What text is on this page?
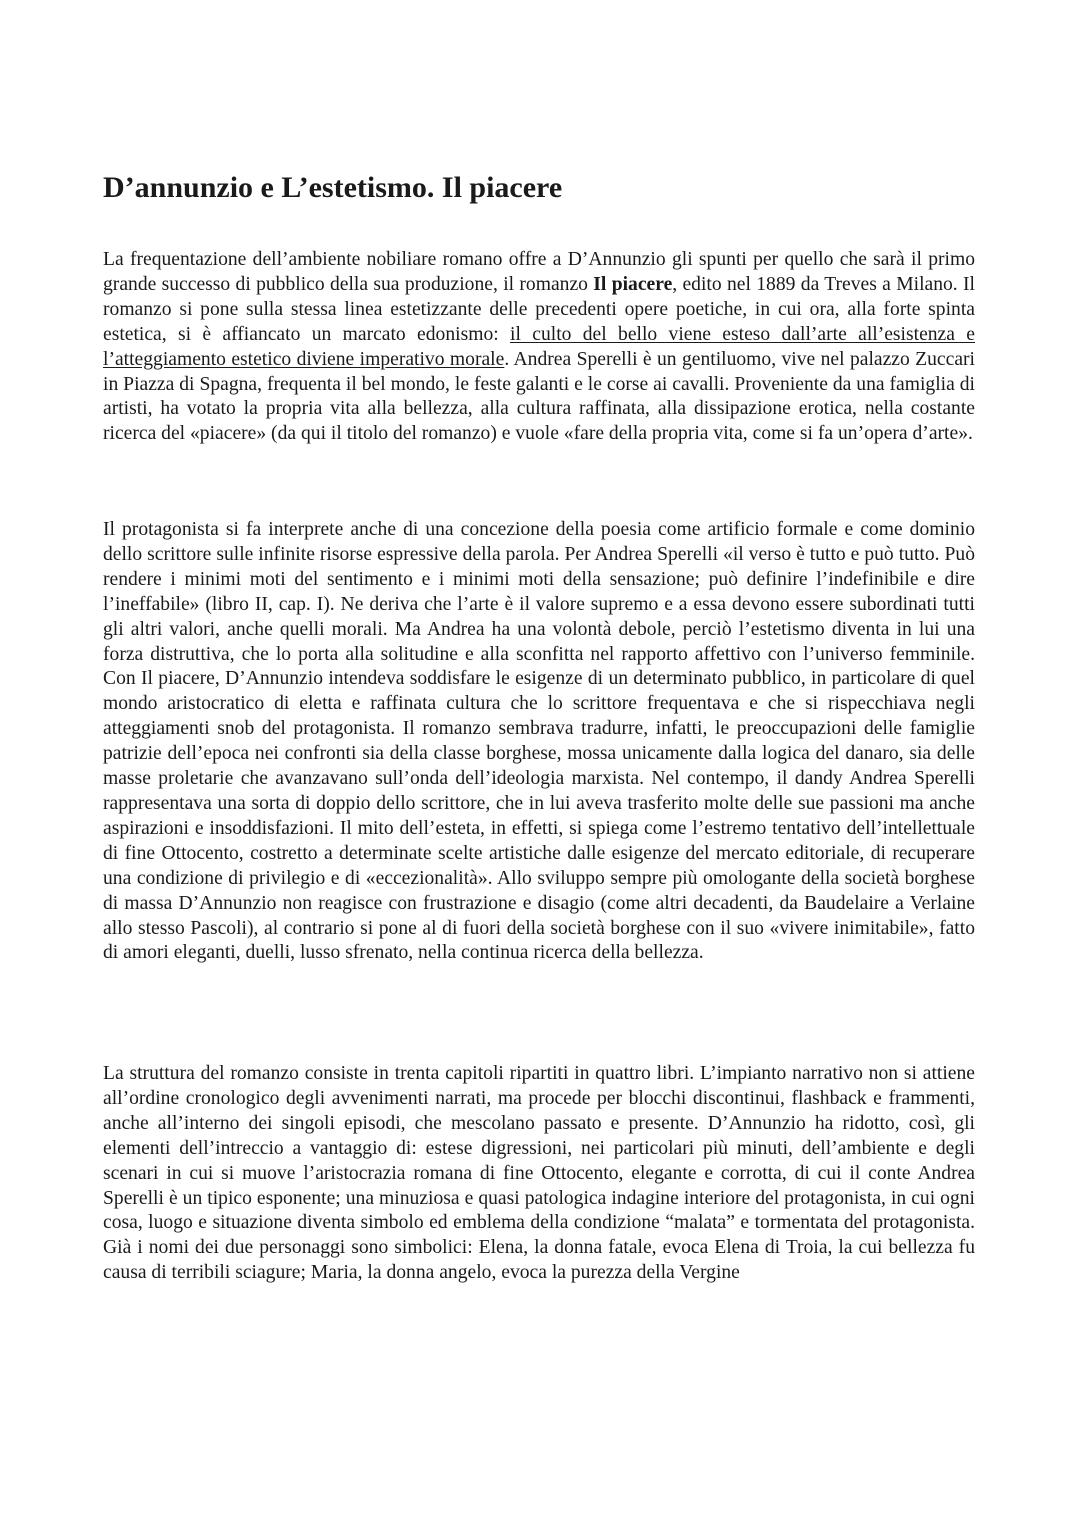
D’annunzio e L’estetismo. Il piacere

La frequentazione dell’ambiente nobiliare romano offre a D’Annunzio gli spunti per quello che sarà il primo grande successo di pubblico della sua produzione, il romanzo Il piacere, edito nel 1889 da Treves a Milano. Il romanzo si pone sulla stessa linea estetizzante delle precedenti opere poetiche, in cui ora, alla forte spinta estetica, si è affiancato un marcato edonismo: il culto del bello viene esteso dall’arte all’esistenza e l’atteggiamento estetico diviene imperativo morale. Andrea Sperelli è un gentiluomo, vive nel palazzo Zuccari in Piazza di Spagna, frequenta il bel mondo, le feste galanti e le corse ai cavalli. Proveniente da una famiglia di artisti, ha votato la propria vita alla bellezza, alla cultura raffinata, alla dissipazione erotica, nella costante ricerca del «piacere» (da qui il titolo del romanzo) e vuole «fare della propria vita, come si fa un’opera d’arte».

Il protagonista si fa interprete anche di una concezione della poesia come artificio formale e come dominio dello scrittore sulle infinite risorse espressive della parola. Per Andrea Sperelli «il verso è tutto e può tutto. Può rendere i minimi moti del sentimento e i minimi moti della sensazione; può definire l’indefinibile e dire l’ineffabile» (libro II, cap. I). Ne deriva che l’arte è il valore supremo e a essa devono essere subordinati tutti gli altri valori, anche quelli morali. Ma Andrea ha una volontà debole, perciò l’estetismo diventa in lui una forza distruttiva, che lo porta alla solitudine e alla sconfitta nel rapporto affettivo con l’universo femminile. Con Il piacere, D’Annunzio intendeva soddisfare le esigenze di un determinato pubblico, in particolare di quel mondo aristocratico di eletta e raffinata cultura che lo scrittore frequentava e che si rispecchiava negli atteggiamenti snob del protagonista. Il romanzo sembrava tradurre, infatti, le preoccupazioni delle famiglie patrizie dell’epoca nei confronti sia della classe borghese, mossa unicamente dalla logica del danaro, sia delle masse proletarie che avanzavano sull’onda dell’ideologia marxista. Nel contempo, il dandy Andrea Sperelli rappresentava una sorta di doppio dello scrittore, che in lui aveva trasferito molte delle sue passioni ma anche aspirazioni e insoddisfazioni. Il mito dell’esteta, in effetti, si spiega come l’estremo tentativo dell’intellettuale di fine Ottocento, costretto a determinate scelte artistiche dalle esigenze del mercato editoriale, di recuperare una condizione di privilegio e di «eccezionalità». Allo sviluppo sempre più omologante della società borghese di massa D’Annunzio non reagisce con frustrazione e disagio (come altri decadenti, da Baudelaire a Verlaine allo stesso Pascoli), al contrario si pone al di fuori della società borghese con il suo «vivere inimitabile», fatto di amori eleganti, duelli, lusso sfrenato, nella continua ricerca della bellezza.

La struttura del romanzo consiste in trenta capitoli ripartiti in quattro libri. L’impianto narrativo non si attiene all’ordine cronologico degli avvenimenti narrati, ma procede per blocchi discontinui, flashback e frammenti, anche all’interno dei singoli episodi, che mescolano passato e presente. D’Annunzio ha ridotto, così, gli elementi dell’intreccio a vantaggio di: estese digressioni, nei particolari più minuti, dell’ambiente e degli scenari in cui si muove l’aristocrazia romana di fine Ottocento, elegante e corrotta, di cui il conte Andrea Sperelli è un tipico esponente; una minuziosa e quasi patologica indagine interiore del protagonista, in cui ogni cosa, luogo e situazione diventa simbolo ed emblema della condizione “malata” e tormentata del protagonista. Già i nomi dei due personaggi sono simbolici: Elena, la donna fatale, evoca Elena di Troia, la cui bellezza fu causa di terribili sciagure; Maria, la donna angelo, evoca la purezza della Vergine
